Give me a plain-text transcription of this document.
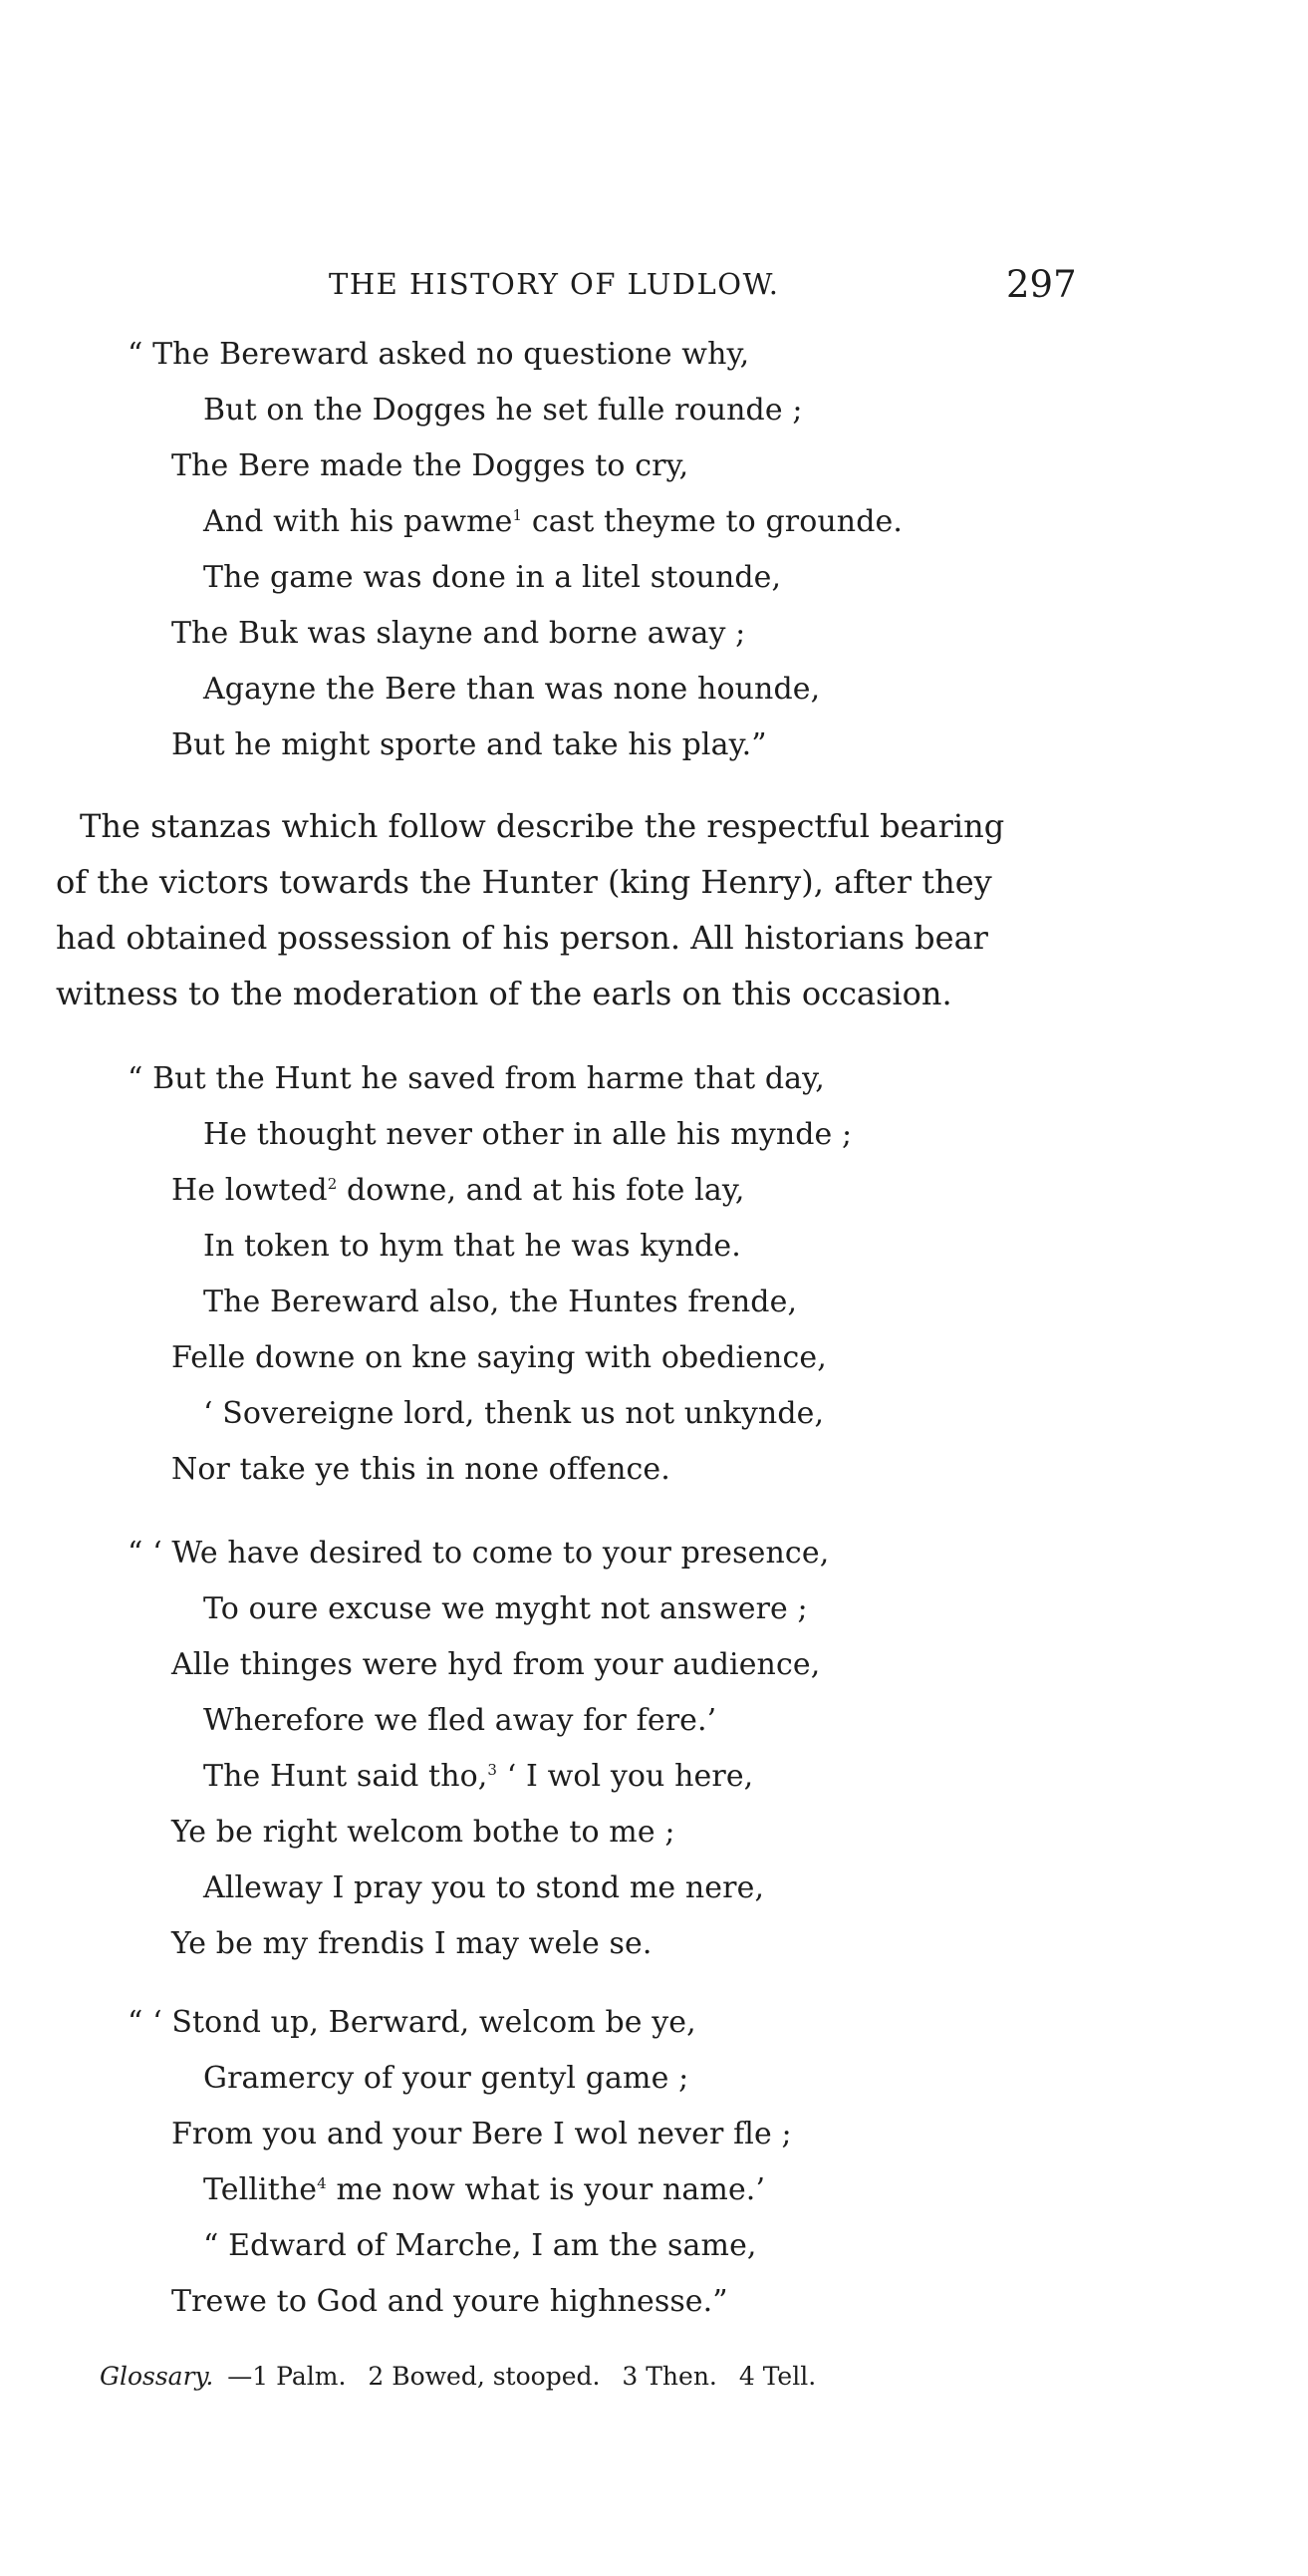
THE HISTORY OF LUDLOW.	297
“ The Bereward asked no questione why,
But on the Dogges he set fulle rounde ;
The Bere made the Dogges to cry,
And with his pawme$^1$ cast theyme to grounde.
The game was done in a litel stounde,
The Buk was slayne and borne away ;
Agayne the Bere than was none hounde,
But he might sporte and take his play.”
The stanzas which follow describe the respectful bearing
of the victors towards the Hunter (king Henry), after they
had obtained possession of his person. All historians bear
witness to the moderation of the earls on this occasion.
“ But the Hunt he saved from harme that day,
He thought never other in alle his mynde ;
He lowted$^2$ downe, and at his fote lay,
In token to hym that he was kynde.
The Bereward also, the Huntes frende,
Felle downe on kne saying with obedience,
‘ Sovereigne lord, thenk us not unkynde,
Nor take ye this in none offence.
“ ‘ We have desired to come to your presence,
To oure excuse we myght not answere ;
Alle thinges were hyd from your audience,
Wherefore we fled away for fere.’
The Hunt said tho,$^3$ ‘ I wol you here,
Ye be right welcom bothe to me ;
Alleway I pray you to stond me nere,
Ye be my frendis I may wele se.
“ ‘ Stond up, Berward, welcom be ye,
Gramercy of your gentyl game ;
From you and your Bere I wol never fle ;
Tellithe$^4$ me now what is your name.’
“ Edward of Marche, I am the same,
Trewe to God and youre highnesse.”
Glossary. —1 Palm. 2 Bowed, stooped. 3 Then. 4 Tell.
